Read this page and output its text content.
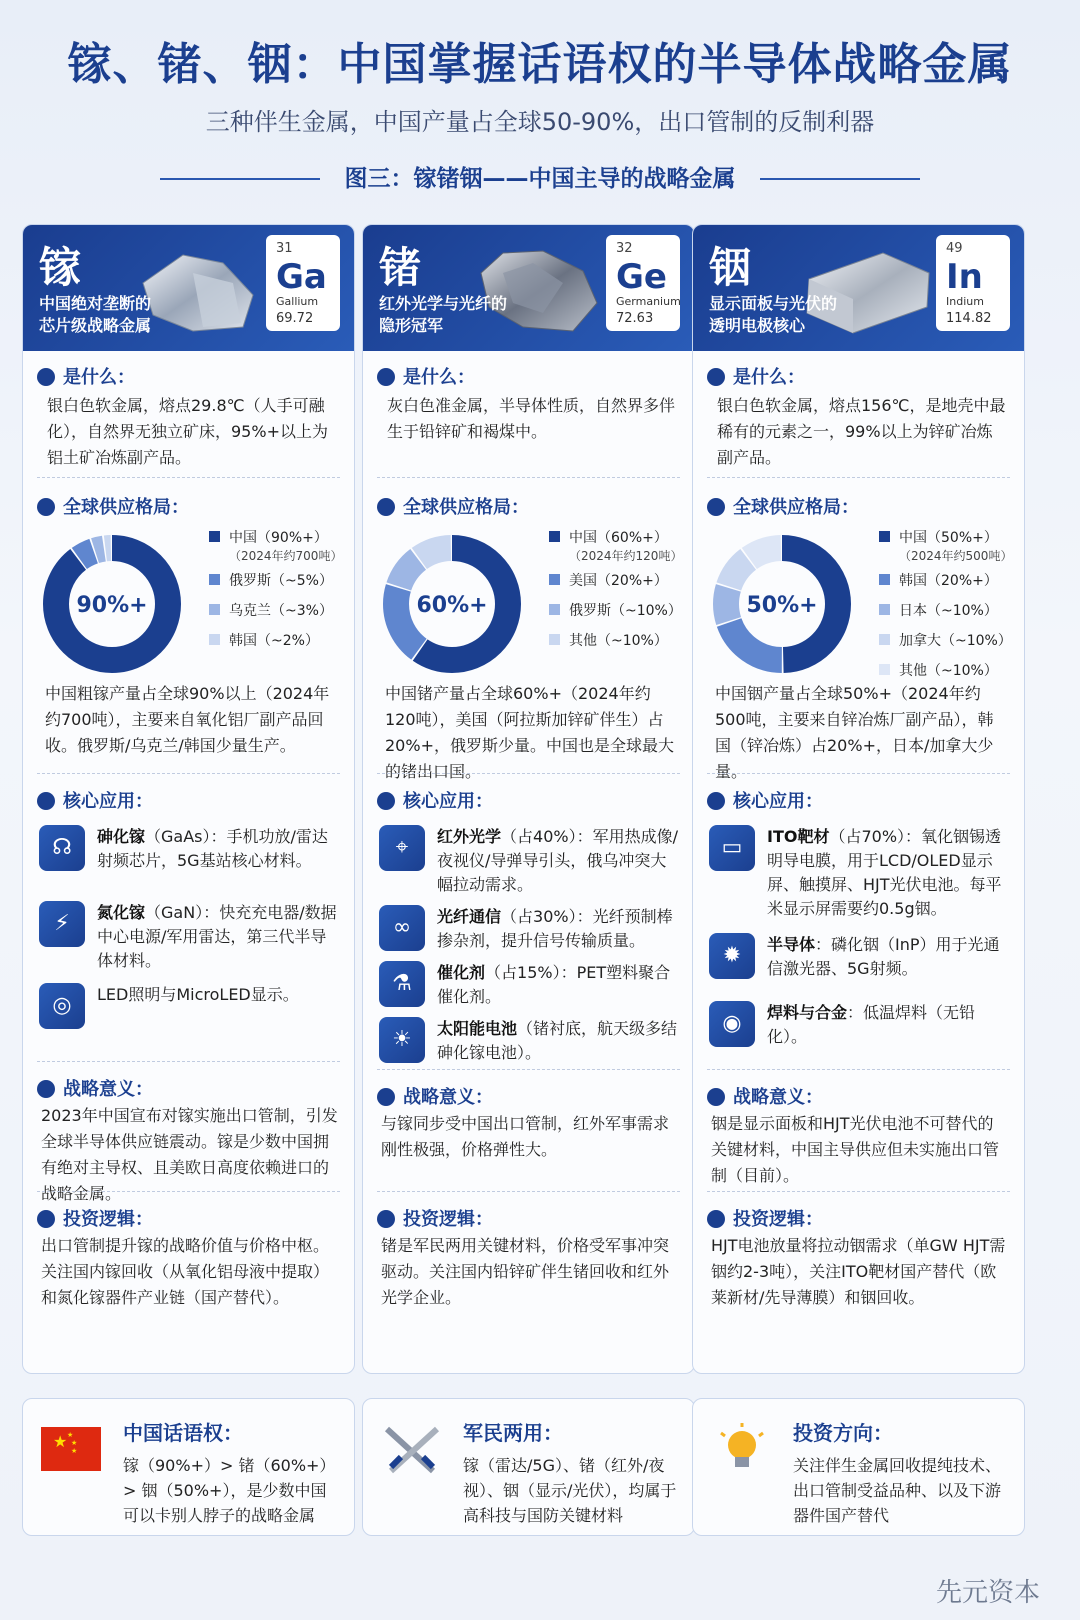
镓、锗、铟：中国掌握话语权的半导体战略金属
三种伴生金属，中国产量占全球50-90%，出口管制的反制利器
图三：镓锗铟——中国主导的战略金属
镓
中国绝对垄断的
芯片级战略金属
31
Ga
Gallium
69.72
是什么：
银白色软金属，熔点29.8℃（人手可融化），自然界无独立矿床，95%+以上为铝土矿冶炼副产品。
全球供应格局：
90%+
中国（90%+）
（2024年约700吨）
俄罗斯（~5%）
乌克兰（~3%）
韩国（~2%）
中国粗镓产量占全球90%以上（2024年约700吨），主要来自氧化铝厂副产品回收。俄罗斯/乌克兰/韩国少量生产。
核心应用：
☊	砷化镓（GaAs）：手机功放/雷达射频芯片，5G基站核心材料。
⚡	氮化镓（GaN）：快充充电器/数据中心电源/军用雷达，第三代半导体材料。
◎	LED照明与MicroLED显示。
战略意义：
2023年中国宣布对镓实施出口管制，引发全球半导体供应链震动。镓是少数中国拥有绝对主导权、且美欧日高度依赖进口的战略金属。
投资逻辑：
出口管制提升镓的战略价值与价格中枢。关注国内镓回收（从氧化铝母液中提取）和氮化镓器件产业链（国产替代）。
锗
红外光学与光纤的
隐形冠军
32
Ge
Germanium
72.63
是什么：
灰白色准金属，半导体性质，自然界多伴生于铅锌矿和褐煤中。
全球供应格局：
60%+
中国（60%+）
（2024年约120吨）
美国（20%+）
俄罗斯（~10%）
其他（~10%）
中国锗产量占全球60%+（2024年约120吨），美国（阿拉斯加锌矿伴生）占20%+，俄罗斯少量。中国也是全球最大的锗出口国。
核心应用：
⌖	红外光学（占40%）：军用热成像/夜视仪/导弹导引头，俄乌冲突大幅拉动需求。
∞	光纤通信（占30%）：光纤预制棒掺杂剂，提升信号传输质量。
⚗	催化剂（占15%）：PET塑料聚合催化剂。
☀	太阳能电池（锗衬底，航天级多结砷化镓电池）。
战略意义：
与镓同步受中国出口管制，红外军事需求刚性极强，价格弹性大。
投资逻辑：
锗是军民两用关键材料，价格受军事冲突驱动。关注国内铅锌矿伴生锗回收和红外光学企业。
铟
显示面板与光伏的
透明电极核心
49
In
Indium
114.82
是什么：
银白色软金属，熔点156℃，是地壳中最稀有的元素之一，99%以上为锌矿冶炼副产品。
全球供应格局：
50%+
中国（50%+）
（2024年约500吨）
韩国（20%+）
日本（~10%）
加拿大（~10%）
其他（~10%）
中国铟产量占全球50%+（2024年约500吨，主要来自锌冶炼厂副产品），韩国（锌冶炼）占20%+，日本/加拿大少量。
核心应用：
▭	ITO靶材（占70%）：氧化铟锡透明导电膜，用于LCD/OLED显示屏、触摸屏、HJT光伏电池。每平米显示屏需要约0.5g铟。
✹	半导体：磷化铟（InP）用于光通信激光器、5G射频。
◉	焊料与合金：低温焊料（无铅化）。
战略意义：
铟是显示面板和HJT光伏电池不可替代的关键材料，中国主导供应但未实施出口管制（目前）。
投资逻辑：
HJT电池放量将拉动铟需求（单GW HJT需铟约2-3吨），关注ITO靶材国产替代（欧莱新材/先导薄膜）和铟回收。
★ ★
★
★
中国话语权：
镓（90%+）> 锗（60%+）> 铟（50%+），是少数中国可以卡别人脖子的战略金属
军民两用：
镓（雷达/5G）、锗（红外/夜视）、铟（显示/光伏），均属于高科技与国防关键材料
投资方向：
关注伴生金属回收提纯技术、出口管制受益品种、以及下游器件国产替代
先元资本
